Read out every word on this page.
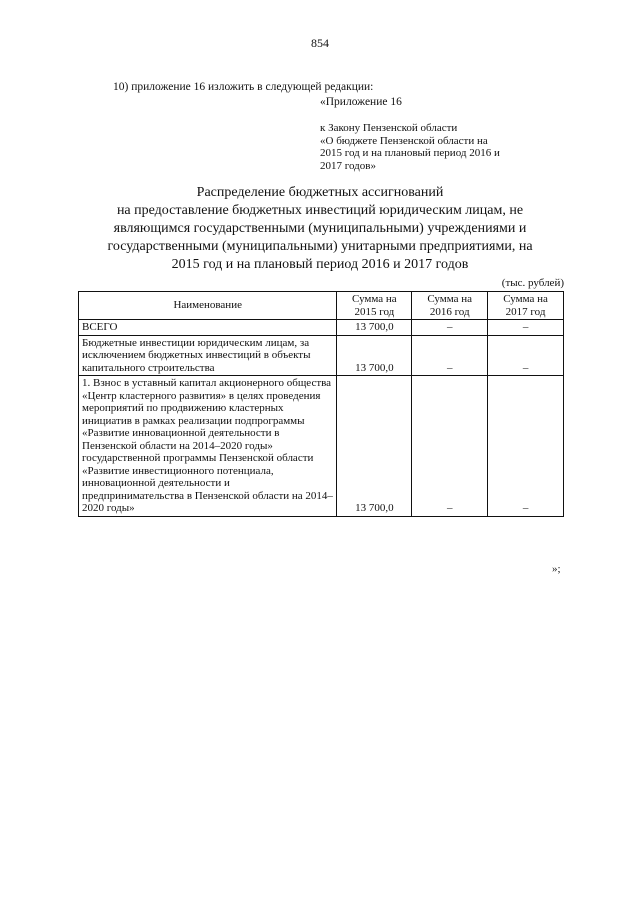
854
10) приложение 16 изложить в следующей редакции:
«Приложение 16
к Закону Пензенской области
«О бюджете Пензенской области на
2015 год и на плановый период 2016 и
2017 годов»
Распределение бюджетных ассигнований
на предоставление бюджетных инвестиций юридическим лицам, не
являющимся государственными (муниципальными) учреждениями и
государственными (муниципальными) унитарными предприятиями, на
2015 год и на плановый период 2016 и 2017 годов
(тыс. рублей)
Наименование	Сумма на 2015 год	Сумма на 2016 год	Сумма на 2017 год
ВСЕГО	13 700,0	–	–
Бюджетные инвестиции юридическим лицам, за исключением бюджетных инвестиций в объекты капитального строительства	13 700,0	–	–
1. Взнос в уставный капитал акционерного общества «Центр кластерного развития» в целях проведения мероприятий по продвижению кластерных инициатив в рамках реализации подпрограммы «Развитие инновационной деятельности в Пензенской области на 2014–2020 годы» государственной программы Пензенской области «Развитие инвестиционного потенциала, инновационной деятельности и предпринимательства в Пензенской области на 2014–2020 годы»	13 700,0	–	–
»;
